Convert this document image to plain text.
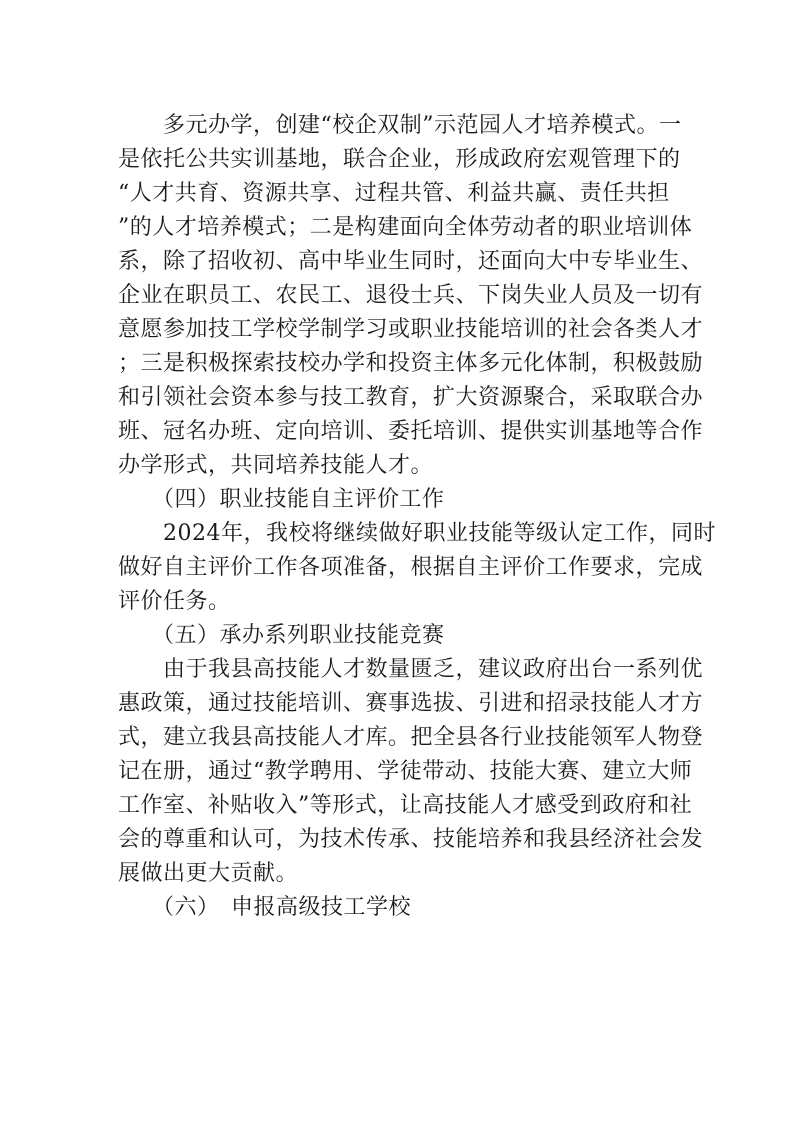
　　多元办学，创建“校企双制”示范园人才培养模式。一
是依托公共实训基地，联合企业，形成政府宏观管理下的
“人才共育、资源共享、过程共管、利益共赢、责任共担
”的人才培养模式；二是构建面向全体劳动者的职业培训体
系，除了招收初、高中毕业生同时，还面向大中专毕业生、
企业在职员工、农民工、退役士兵、下岗失业人员及一切有
意愿参加技工学校学制学习或职业技能培训的社会各类人才
；三是积极探索技校办学和投资主体多元化体制，积极鼓励
和引领社会资本参与技工教育，扩大资源聚合，采取联合办
班、冠名办班、定向培训、委托培训、提供实训基地等合作
办学形式，共同培养技能人才。
　　（四）职业技能自主评价工作
　　2024年，我校将继续做好职业技能等级认定工作，同时
做好自主评价工作各项准备，根据自主评价工作要求，完成
评价任务。
　　（五）承办系列职业技能竞赛
　　由于我县高技能人才数量匮乏，建议政府出台一系列优
惠政策，通过技能培训、赛事选拔、引进和招录技能人才方
式，建立我县高技能人才库。把全县各行业技能领军人物登
记在册，通过“教学聘用、学徒带动、技能大赛、建立大师
工作室、补贴收入”等形式，让高技能人才感受到政府和社
会的尊重和认可，为技术传承、技能培养和我县经济社会发
展做出更大贡献。
　　（六）　申报高级技工学校
